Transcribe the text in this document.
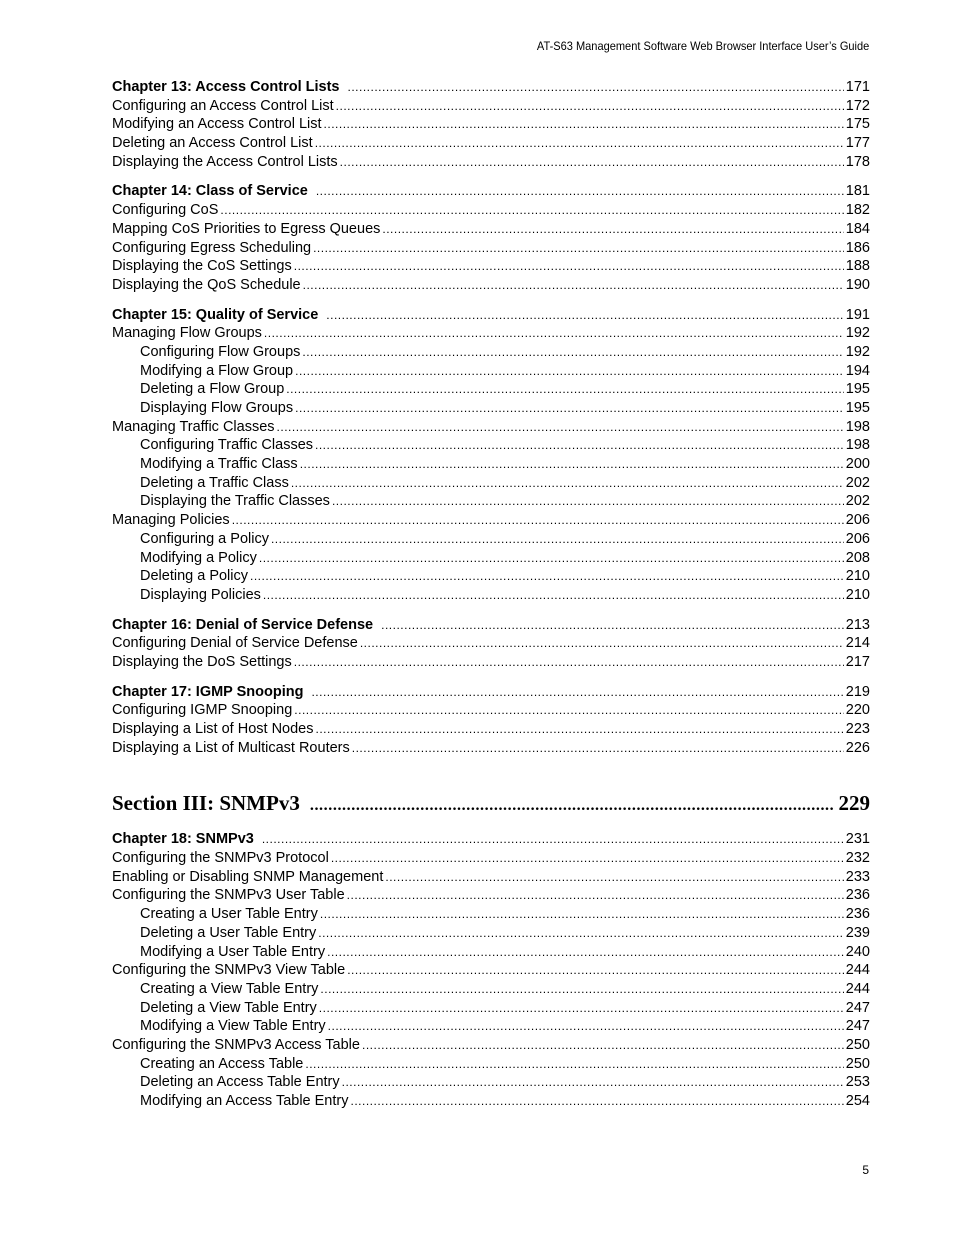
AT-S63 Management Software Web Browser Interface User’s Guide
Chapter 13: Access Control Lists .....	171
Configuring an Access Control List .....	172
Modifying an Access Control List .....	175
Deleting an Access Control List .....	177
Displaying the Access Control Lists .....	178
Chapter 14: Class of Service .....	181
Configuring CoS .....	182
Mapping CoS Priorities to Egress Queues .....	184
Configuring Egress Scheduling .....	186
Displaying the CoS Settings .....	188
Displaying the QoS Schedule .....	190
Chapter 15: Quality of Service .....	191
Managing Flow Groups .....	192
Configuring Flow Groups .....	192
Modifying a Flow Group .....	194
Deleting a Flow Group .....	195
Displaying Flow Groups .....	195
Managing Traffic Classes .....	198
Configuring Traffic Classes .....	198
Modifying a Traffic Class .....	200
Deleting a Traffic Class .....	202
Displaying the Traffic Classes .....	202
Managing Policies .....	206
Configuring a Policy .....	206
Modifying a Policy .....	208
Deleting a Policy .....	210
Displaying Policies .....	210
Chapter 16: Denial of Service Defense .....	213
Configuring Denial of Service Defense .....	214
Displaying the DoS Settings .....	217
Chapter 17: IGMP Snooping .....	219
Configuring IGMP Snooping .....	220
Displaying a List of Host Nodes .....	223
Displaying a List of Multicast Routers .....	226
Section III: SNMPv3 .....	229
Chapter 18: SNMPv3 .....	231
Configuring the SNMPv3 Protocol .....	232
Enabling or Disabling SNMP Management .....	233
Configuring the SNMPv3 User Table .....	236
Creating a User Table Entry .....	236
Deleting a User Table Entry .....	239
Modifying a User Table Entry .....	240
Configuring the SNMPv3 View Table .....	244
Creating a View Table Entry .....	244
Deleting a View Table Entry .....	247
Modifying a View Table Entry .....	247
Configuring the SNMPv3 Access Table .....	250
Creating an Access Table .....	250
Deleting an Access Table Entry .....	253
Modifying an Access Table Entry .....	254
5
